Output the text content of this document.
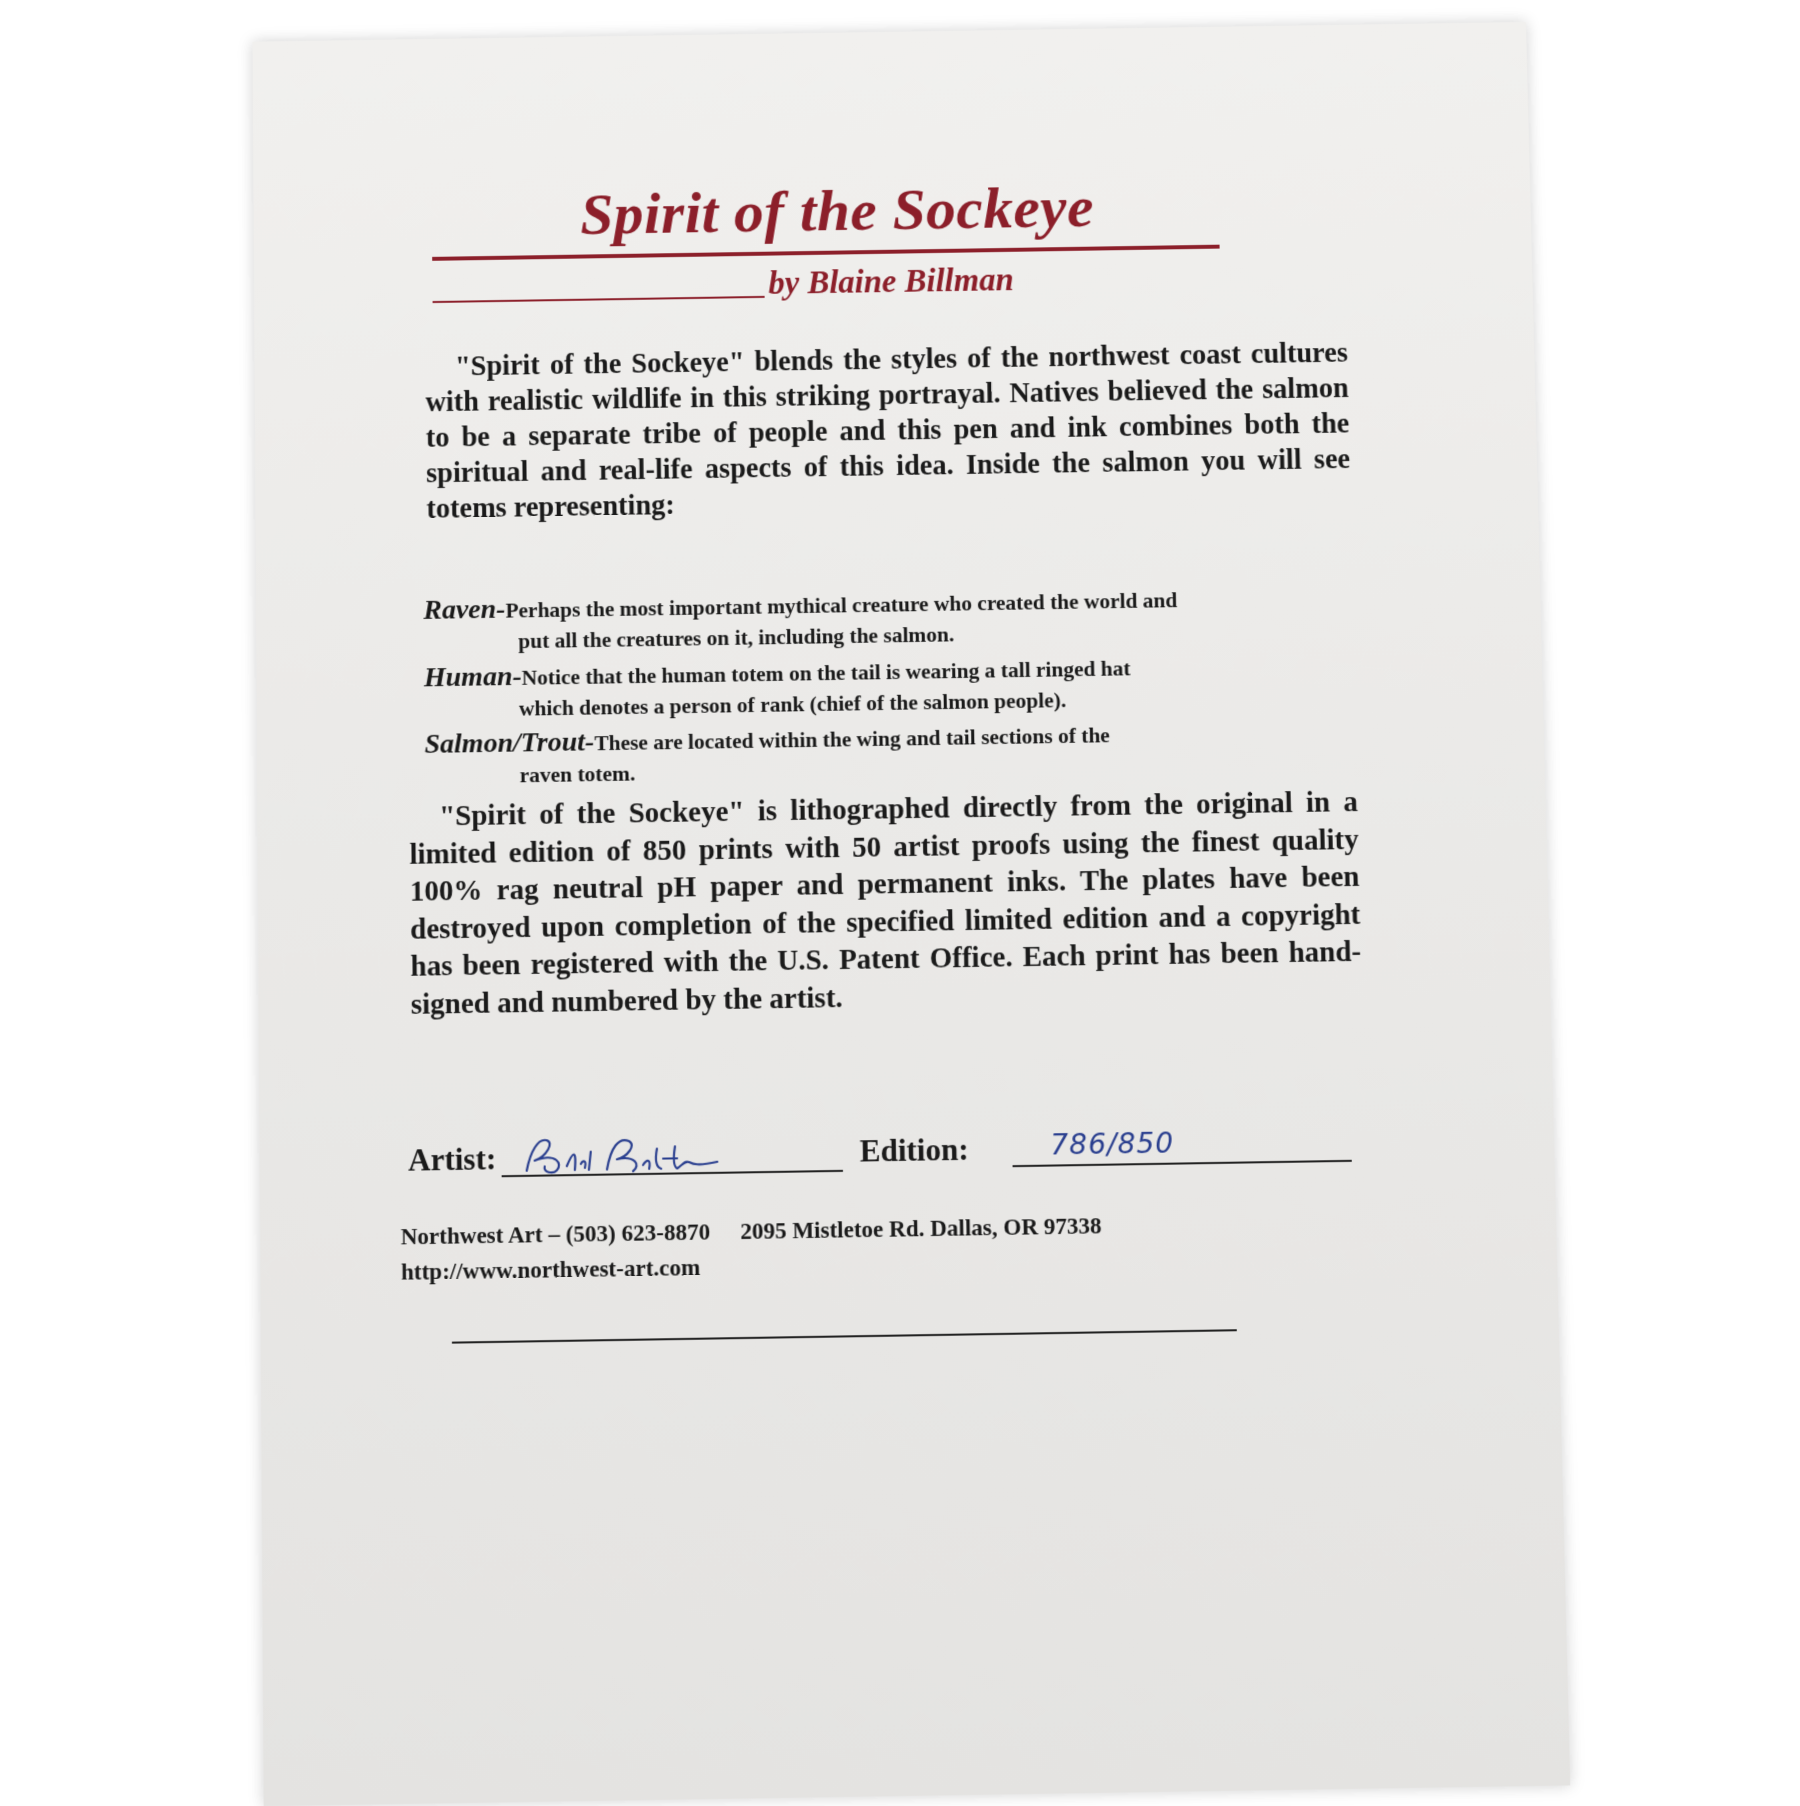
Spirit of the Sockeye
by Blaine Billman
"Spirit of the Sockeye" blends the styles of the northwest coast cultures with realistic wildlife in this striking portrayal. Natives believed the salmon to be a separate tribe of people and this pen and ink combines both the spiritual and real-life aspects of this idea. Inside the salmon you will see totems representing:
Raven-Perhaps the most important mythical creature who created the world and
put all the creatures on it, including the salmon.
Human-Notice that the human totem on the tail is wearing a tall ringed hat
which denotes a person of rank (chief of the salmon people).
Salmon/Trout-These are located within the wing and tail sections of the
raven totem.
"Spirit of the Sockeye" is lithographed directly from the original in a limited edition of 850 prints with 50 artist proofs using the finest quality 100% rag neutral pH paper and permanent inks. The plates have been destroyed upon completion of the specified limited edition and a copyright has been registered with the U.S. Patent Office. Each print has been hand-signed and numbered by the artist.
Artist:	Edition:	786/850
Northwest Art – (503) 623-8870 2095 Mistletoe Rd. Dallas, OR 97338
http://www.northwest-art.com
